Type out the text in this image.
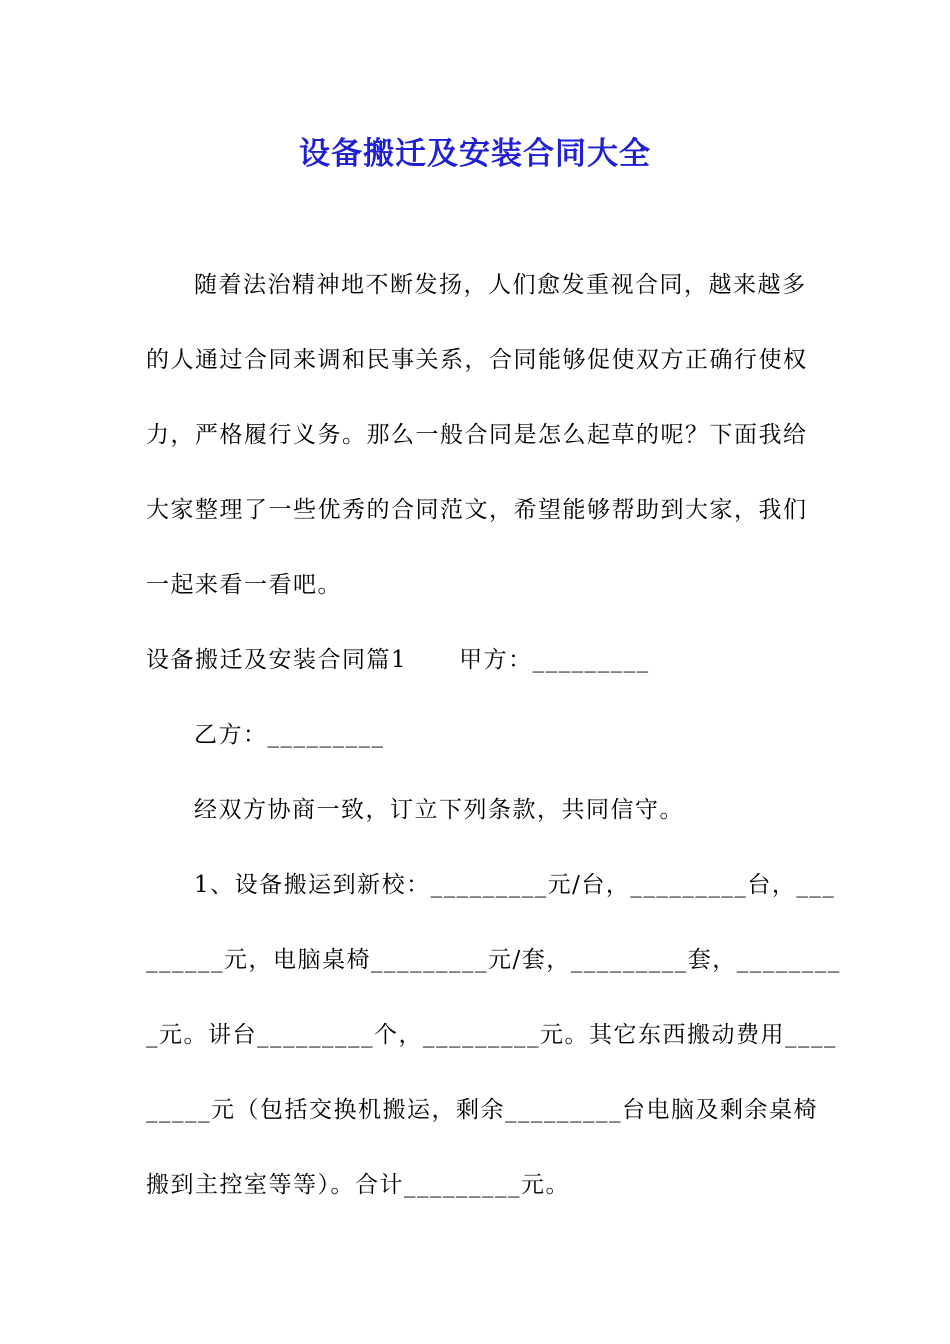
设备搬迁及安装合同大全
随着法治精神地不断发扬，人们愈发重视合同，越来越多
的人通过合同来调和民事关系，合同能够促使双方正确行使权
力，严格履行义务。那么一般合同是怎么起草的呢？下面我给
大家整理了一些优秀的合同范文，希望能够帮助到大家，我们
一起来看一看吧。
设备搬迁及安装合同篇1 甲方：_________
乙方：_________
经双方协商一致，订立下列条款，共同信守。
1、设备搬运到新校：_________元/台，_________台，___
______元，电脑桌椅_________元/套，_________套，________
_元。讲台_________个，_________元。其它东西搬动费用____
_____元（包括交换机搬运，剩余_________台电脑及剩余桌椅
搬到主控室等等）。合计_________元。
